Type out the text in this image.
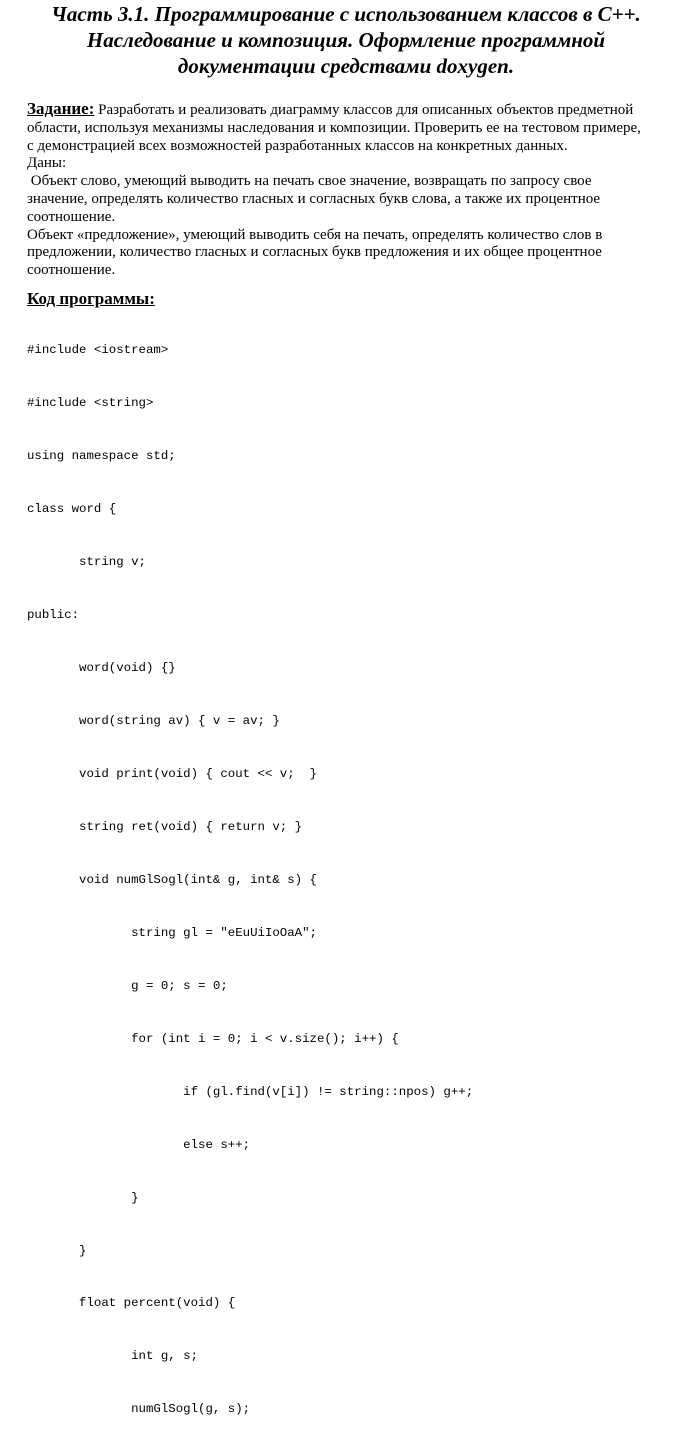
Часть 3.1. Программирование с использованием классов в С++.
Наследование и композиция. Оформление программной
документации средствами doxygen.
Задание: Разработать и реализовать диаграмму классов для описанных объектов предметной
области, используя механизмы наследования и композиции. Проверить ее на тестовом примере,
с демонстрацией всех возможностей разработанных классов на конкретных данных.
Даны:
Объект слово, умеющий выводить на печать свое значение, возвращать по запросу свое
значение, определять количество гласных и согласных букв слова, а также их процентное
соотношение.
Объект «предложение», умеющий выводить себя на печать, определять количество слов в
предложении, количество гласных и согласных букв предложения и их общее процентное
соотношение.
Код программы:

#include <iostream>

#include <string>

using namespace std;

class word {

string v;

public:

word(void) {}

word(string av) { v = av; }

void print(void) { cout << v;  }

string ret(void) { return v; }

void numGlSogl(int& g, int& s) {

string gl = "eEuUiIoOaA";

g = 0; s = 0;

for (int i = 0; i < v.size(); i++) {

if (gl.find(v[i]) != string::npos) g++;

else s++;

}

}

float percent(void) {

int g, s;

numGlSogl(g, s);
